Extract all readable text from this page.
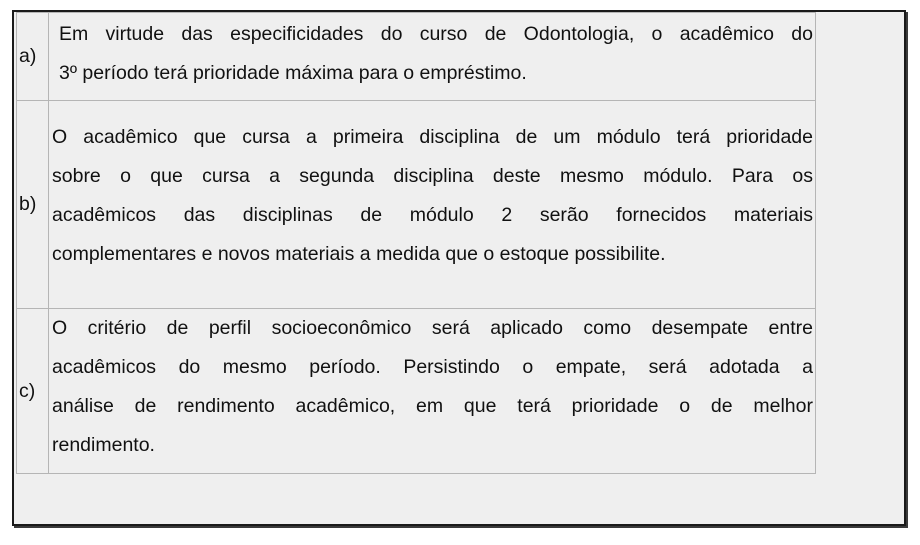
a)	Em virtude das especificidades do curso de Odontologia, o acadêmico do
3º período terá prioridade máxima para o empréstimo.

b)	O acadêmico que cursa a primeira disciplina de um módulo terá prioridade
sobre o que cursa a segunda disciplina deste mesmo módulo. Para os
acadêmicos das disciplinas de módulo 2 serão fornecidos materiais
complementares e novos materiais a medida que o estoque possibilite.

c)	O critério de perfil socioeconômico será aplicado como desempate entre
acadêmicos do mesmo período. Persistindo o empate, será adotada a
análise de rendimento acadêmico, em que terá prioridade o de melhor
rendimento.
